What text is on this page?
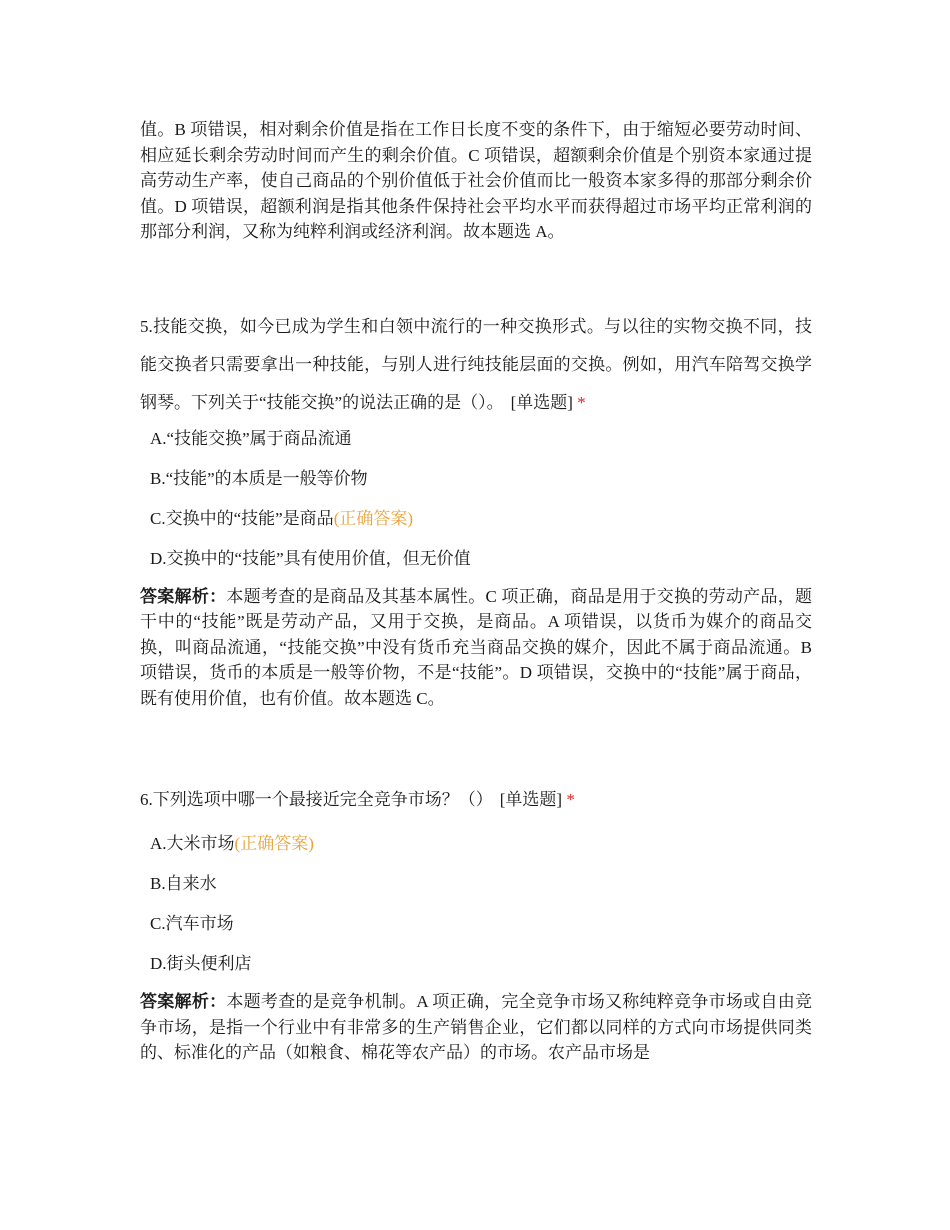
值。B 项错误，相对剩余价值是指在工作日长度不变的条件下，由于缩短必要劳动时间、相应延长剩余劳动时间而产生的剩余价值。C 项错误，超额剩余价值是个别资本家通过提高劳动生产率，使自己商品的个别价值低于社会价值而比一般资本家多得的那部分剩余价值。D 项错误，超额利润是指其他条件保持社会平均水平而获得超过市场平均正常利润的那部分利润，又称为纯粹利润或经济利润。故本题选 A。

5.技能交换，如今已成为学生和白领中流行的一种交换形式。与以往的实物交换不同，技能交换者只需要拿出一种技能，与别人进行纯技能层面的交换。例如，用汽车陪驾交换学钢琴。下列关于“技能交换”的说法正确的是（）。 [单选题] *

A.“技能交换”属于商品流通

B.“技能”的本质是一般等价物

C.交换中的“技能”是商品(正确答案)

D.交换中的“技能”具有使用价值，但无价值

答案解析：本题考查的是商品及其基本属性。C 项正确，商品是用于交换的劳动产品，题干中的“技能”既是劳动产品，又用于交换，是商品。A 项错误，以货币为媒介的商品交换，叫商品流通，“技能交换”中没有货币充当商品交换的媒介，因此不属于商品流通。B 项错误，货币的本质是一般等价物，不是“技能”。D 项错误，交换中的“技能”属于商品，既有使用价值，也有价值。故本题选 C。

6.下列选项中哪一个最接近完全竞争市场？（） [单选题] *

A.大米市场(正确答案)

B.自来水

C.汽车市场

D.街头便利店

答案解析：本题考查的是竞争机制。A 项正确，完全竞争市场又称纯粹竞争市场或自由竞争市场，是指一个行业中有非常多的生产销售企业，它们都以同样的方式向市场提供同类的、标准化的产品（如粮食、棉花等农产品）的市场。农产品市场是
